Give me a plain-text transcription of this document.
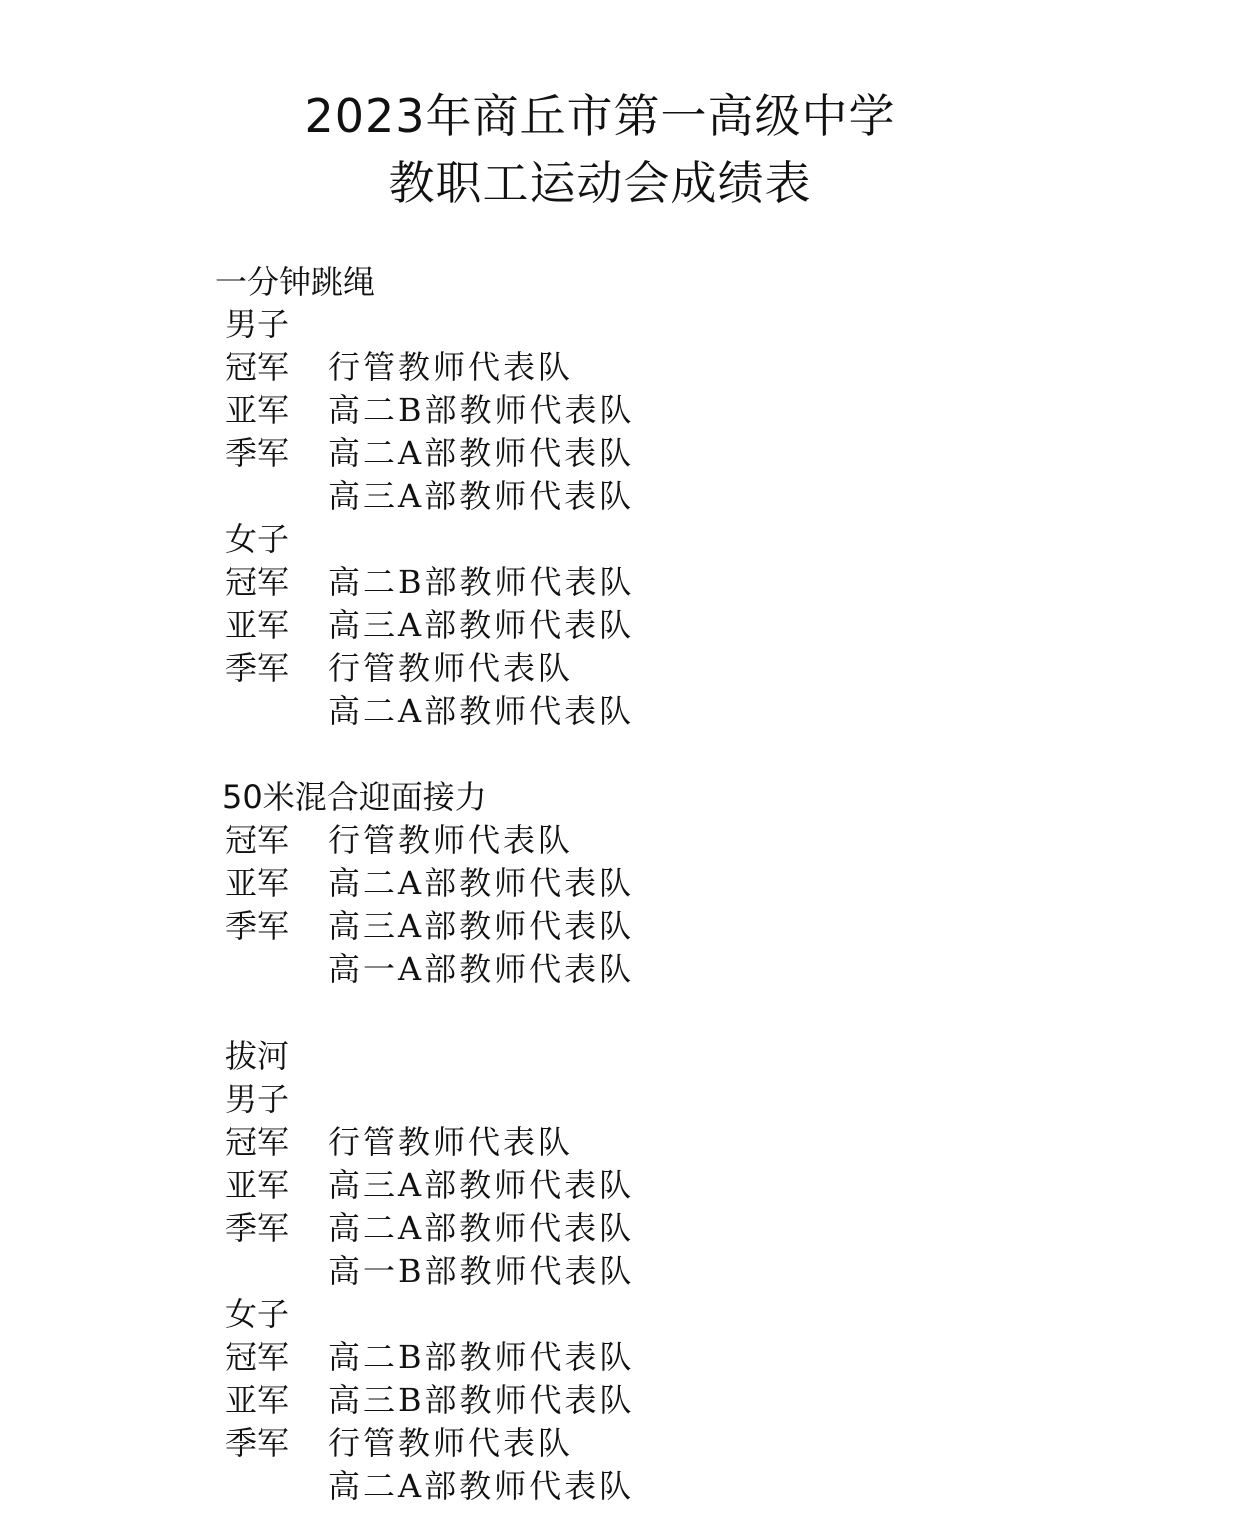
2023年商丘市第一高级中学
教职工运动会成绩表
一分钟跳绳
男子
冠军 行管教师代表队
亚军 高二B部教师代表队
季军 高二A部教师代表队
高三A部教师代表队
女子
冠军 高二B部教师代表队
亚军 高三A部教师代表队
季军 行管教师代表队
高二A部教师代表队
50米混合迎面接力
冠军 行管教师代表队
亚军 高二A部教师代表队
季军 高三A部教师代表队
高一A部教师代表队
拔河
男子
冠军 行管教师代表队
亚军 高三A部教师代表队
季军 高二A部教师代表队
高一B部教师代表队
女子
冠军 高二B部教师代表队
亚军 高三B部教师代表队
季军 行管教师代表队
高二A部教师代表队
